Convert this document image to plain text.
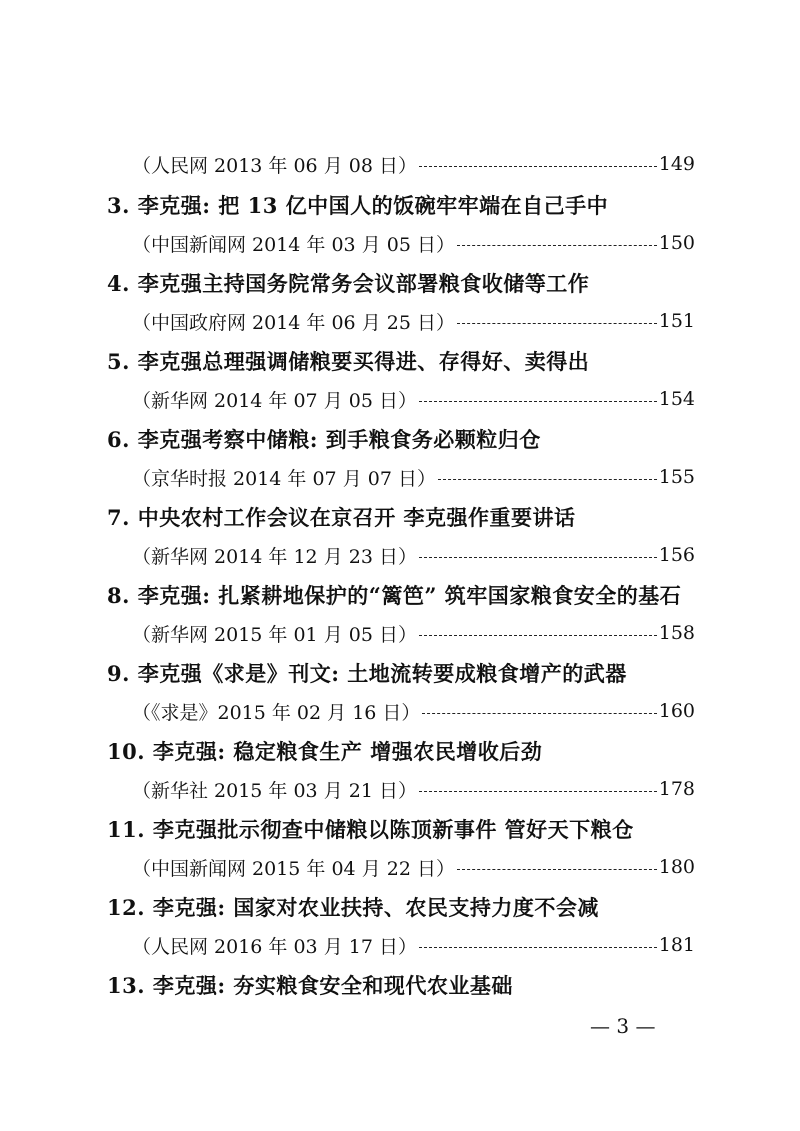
（人民网 2013 年 06 月 08 日）	149
3. 李克强: 把 13 亿中国人的饭碗牢牢端在自己手中
（中国新闻网 2014 年 03 月 05 日）	150
4. 李克强主持国务院常务会议部署粮食收储等工作
（中国政府网 2014 年 06 月 25 日）	151
5. 李克强总理强调储粮要买得进、存得好、卖得出
（新华网 2014 年 07 月 05 日）	154
6. 李克强考察中储粮: 到手粮食务必颗粒归仓
（京华时报 2014 年 07 月 07 日）	155
7. 中央农村工作会议在京召开 李克强作重要讲话
（新华网 2014 年 12 月 23 日）	156
8. 李克强: 扎紧耕地保护的“篱笆” 筑牢国家粮食安全的基石
（新华网 2015 年 01 月 05 日）	158
9. 李克强《求是》刊文: 土地流转要成粮食增产的武器
（《求是》2015 年 02 月 16 日）	160
10. 李克强: 稳定粮食生产 增强农民增收后劲
（新华社 2015 年 03 月 21 日）	178
11. 李克强批示彻查中储粮以陈顶新事件 管好天下粮仓
（中国新闻网 2015 年 04 月 22 日）	180
12. 李克强: 国家对农业扶持、农民支持力度不会减
（人民网 2016 年 03 月 17 日）	181
13. 李克强: 夯实粮食安全和现代农业基础
— 3 —
